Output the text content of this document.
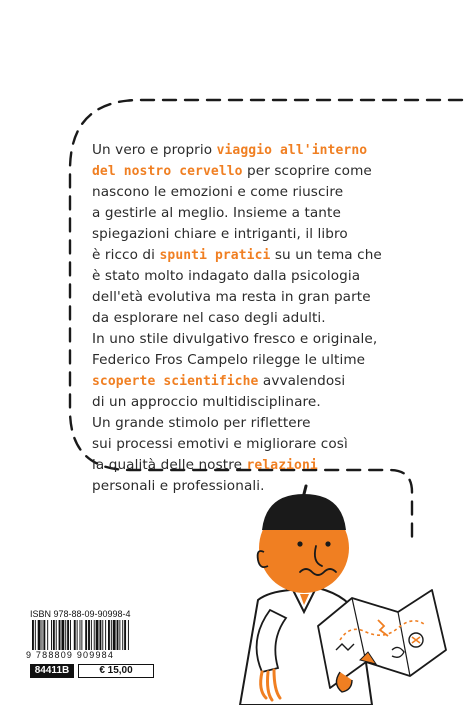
Un vero e proprio viaggio all'interno
del nostro cervello per scoprire come
nascono le emozioni e come riuscire
a gestirle al meglio. Insieme a tante
spiegazioni chiare e intriganti, il libro
è ricco di spunti pratici su un tema che
è stato molto indagato dalla psicologia
dell'età evolutiva ma resta in gran parte
da esplorare nel caso degli adulti.
In uno stile divulgativo fresco e originale,
Federico Fros Campelo rilegge le ultime
scoperte scientifiche avvalendosi
di un approccio multidisciplinare.
Un grande stimolo per riflettere
sui processi emotivi e migliorare così
la qualità delle nostre relazioni
personali e professionali.
ISBN 978-88-09-90998-4
9 788809 909984
84411B	€ 15,00
